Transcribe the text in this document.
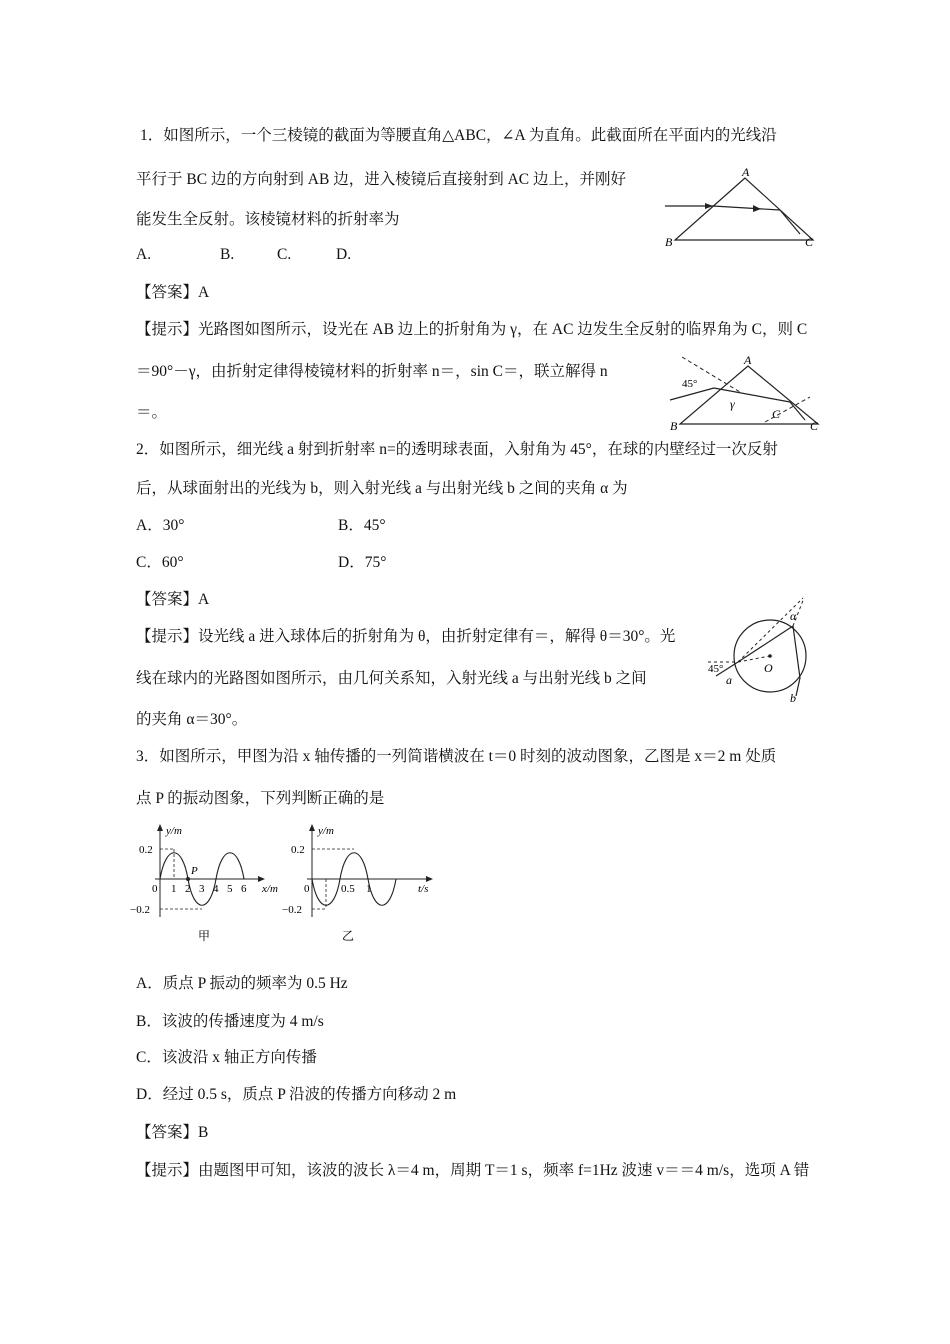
1．如图所示，一个三棱镜的截面为等腰直角△ABC，∠A 为直角。此截面所在平面内的光线沿
平行于 BC 边的方向射到 AB 边，进入棱镜后直接射到 AC 边上，并刚好
能发生全反射。该棱镜材料的折射率为
A.	B.	C.	D.
【答案】A
【提示】光路图如图所示，设光在 AB 边上的折射角为 γ，在 AC 边发生全反射的临界角为 C，则 C
＝90°－γ，由折射定律得棱镜材料的折射率 n＝，sin C＝，联立解得 n
＝。
A
B	C
45°
γ
C
A
B	C
2．如图所示，细光线 a 射到折射率 n=的透明球表面，入射角为 45°，在球的内壁经过一次反射
后，从球面射出的光线为 b，则入射光线 a 与出射光线 b 之间的夹角 α 为
A．30°	B．45°
C．60°	D．75°
【答案】A
【提示】设光线 a 进入球体后的折射角为 θ，由折射定律有＝，解得 θ＝30°。光
线在球内的光路图如图所示，由几何关系知，入射光线 a 与出射光线 b 之间
的夹角 α＝30°。
45°	O
a
b
α
3．如图所示，甲图为沿 x 轴传播的一列简谐横波在 t＝0 时刻的波动图象，乙图是 x＝2 m 处质
点 P 的振动图象，下列判断正确的是
y/m
0.2
−0.2
0 1 2 3 4 5 6
P
x/m
甲
y/m
0.2
−0.2
0	0.5 1	t/s
乙
A．质点 P 振动的频率为 0.5 Hz
B．该波的传播速度为 4 m/s
C．该波沿 x 轴正方向传播
D．经过 0.5 s，质点 P 沿波的传播方向移动 2 m
【答案】B
【提示】由题图甲可知，该波的波长 λ＝4 m，周期 T＝1 s，频率 f=1Hz 波速 v＝＝4 m/s，选项 A 错
